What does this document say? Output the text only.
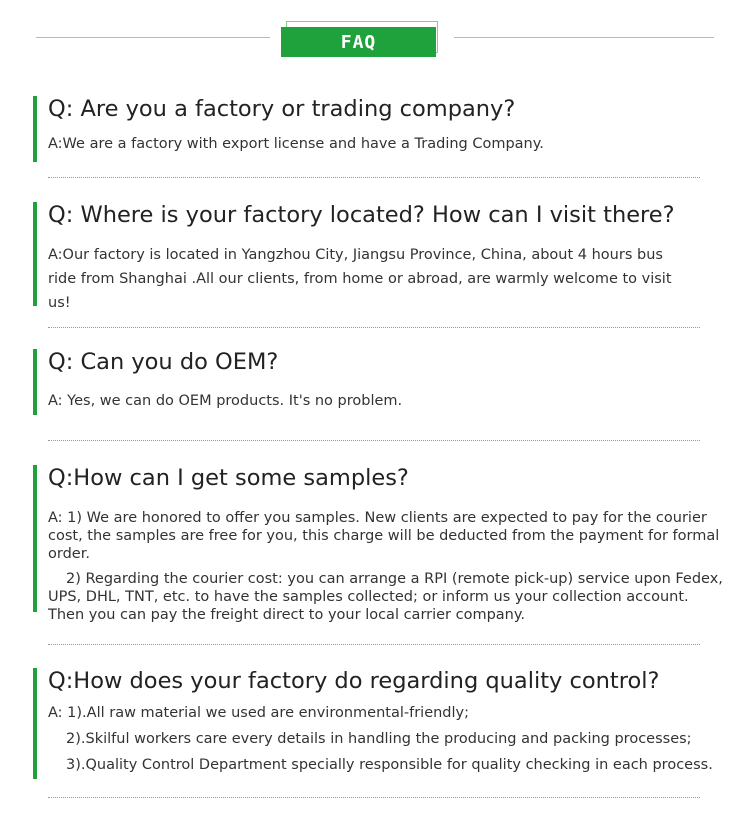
FAQ
Q: Are you a factory or trading company?

A:We are a factory with export license and have a Trading Company.

Q: Where is your factory located? How can I visit there?

A:Our factory is located in Yangzhou City, Jiangsu Province, China, about 4 hours bus ride from Shanghai .All our clients, from home or abroad, are warmly welcome to visit us!

Q: Can you do OEM?

A: Yes, we can do OEM products. It's no problem.

Q:How can I get some samples?

A: 1) We are honored to offer you samples. New clients are expected to pay for the courier cost, the samples are free for you, this charge will be deducted from the payment for formal order.

2) Regarding the courier cost: you can arrange a RPI (remote pick-up) service upon Fedex, UPS, DHL, TNT, etc. to have the samples collected; or inform us your collection account. Then you can pay the freight direct to your local carrier company.

Q:How does your factory do regarding quality control?

A: 1).All raw material we used are environmental-friendly;

2).Skilful workers care every details in handling the producing and packing processes;

3).Quality Control Department specially responsible for quality checking in each process.
